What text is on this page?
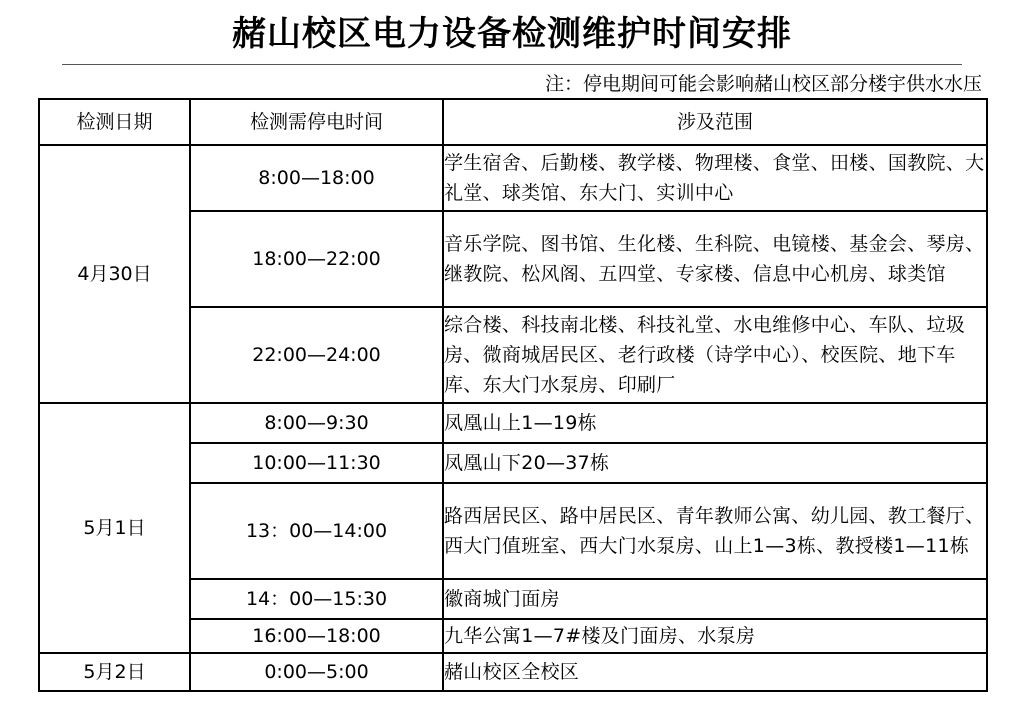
赭山校区电力设备检测维护时间安排
注：停电期间可能会影响赭山校区部分楼宇供水水压
检测日期	检测需停电时间	涉及范围
4月30日	8:00—18:00	学生宿舍、后勤楼、教学楼、物理楼、食堂、田楼、国教院、大礼堂、球类馆、东大门、实训中心
	18:00—22:00	音乐学院、图书馆、生化楼、生科院、电镜楼、基金会、琴房、继教院、松风阁、五四堂、专家楼、信息中心机房、球类馆
	22:00—24:00	综合楼、科技南北楼、科技礼堂、水电维修中心、车队、垃圾房、微商城居民区、老行政楼（诗学中心）、校医院、地下车库、东大门水泵房、印刷厂
5月1日	8:00—9:30	凤凰山上1—19栋
	10:00—11:30	凤凰山下20—37栋
	13：00—14:00	路西居民区、路中居民区、青年教师公寓、幼儿园、教工餐厅、西大门值班室、西大门水泵房、山上1—3栋、教授楼1—11栋
	14：00—15:30	徽商城门面房
	16:00—18:00	九华公寓1—7#楼及门面房、水泵房
5月2日	0:00—5:00	赭山校区全校区
